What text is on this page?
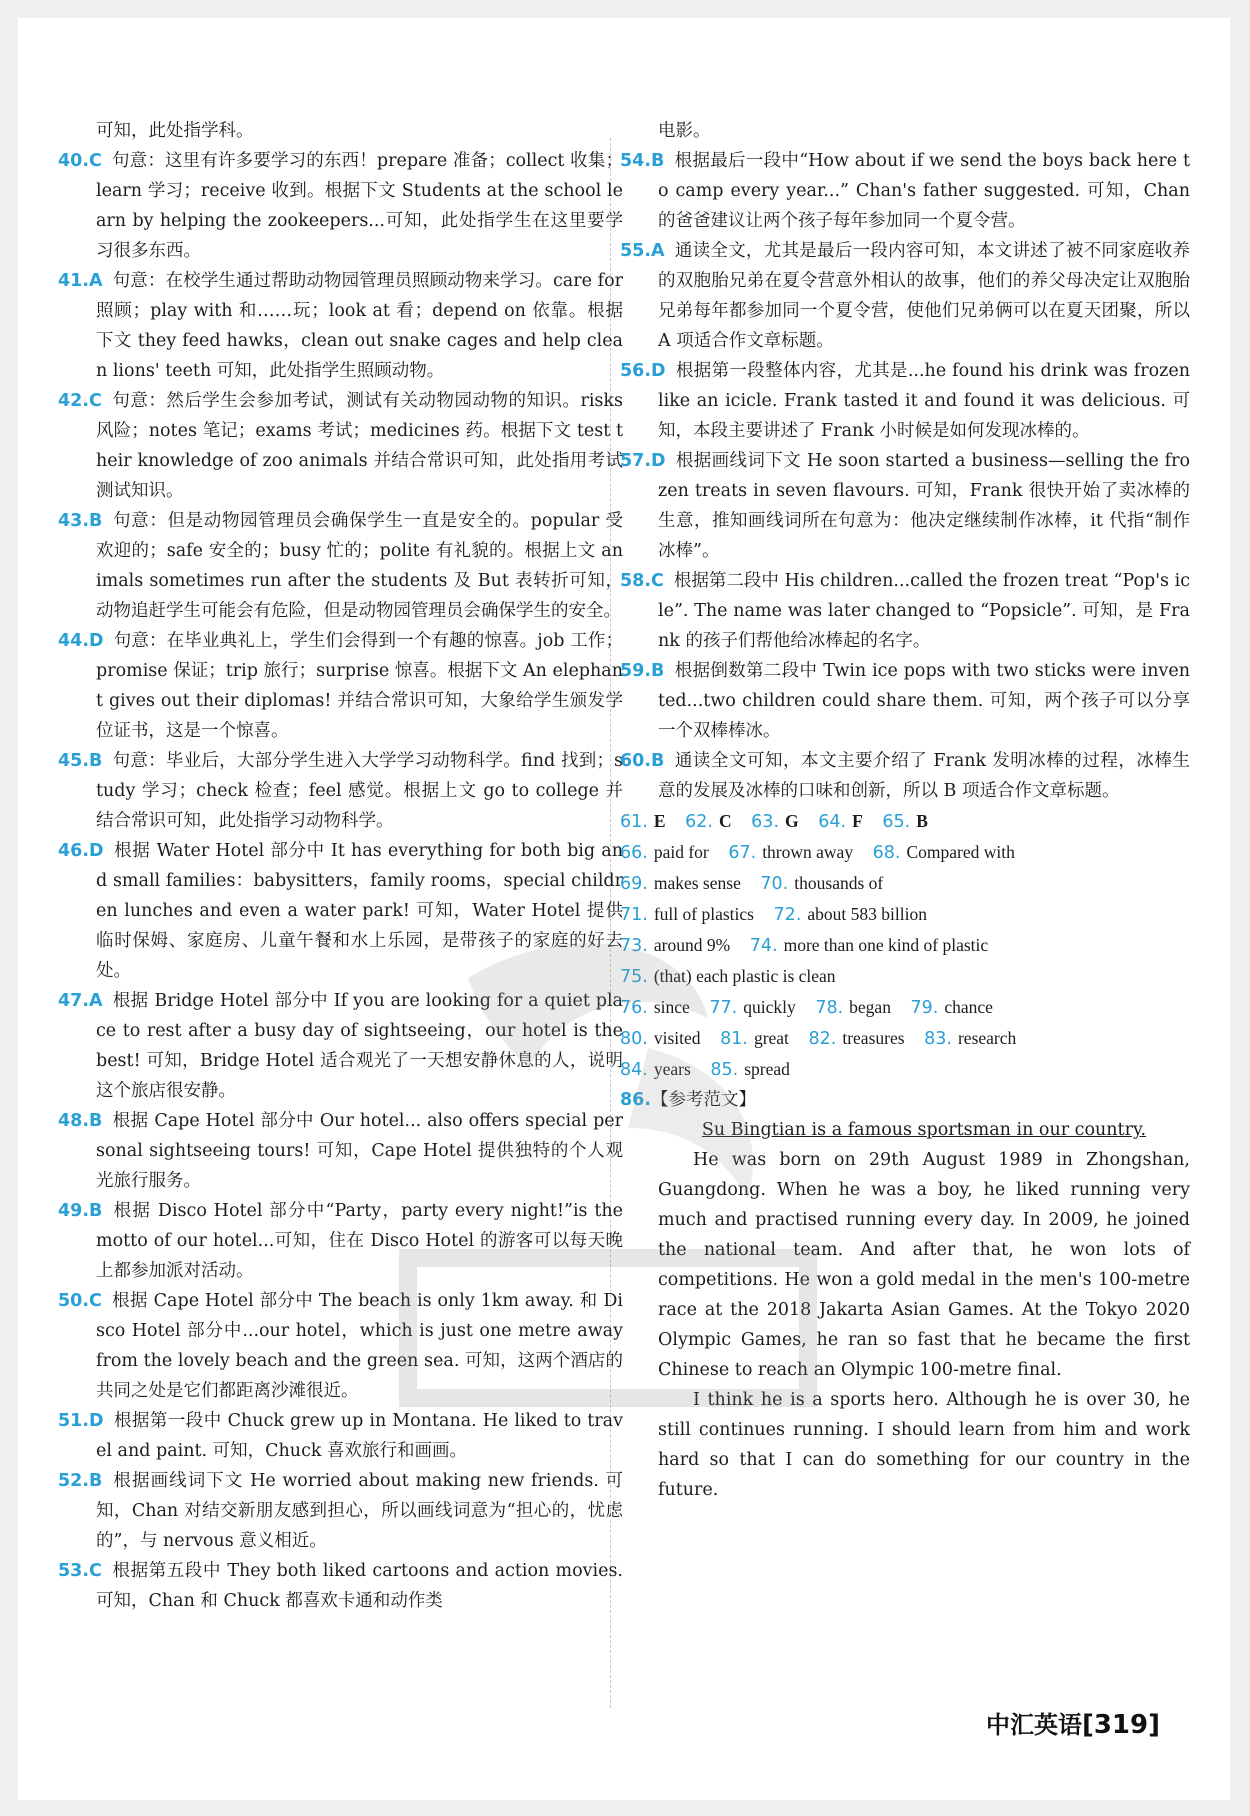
可知，此处指学科。

40.C 句意：这里有许多要学习的东西！prepare 准备；collect 收集；learn 学习；receive 收到。根据下文 Students at the school learn by helping the zookeepers...可知，此处指学生在这里要学习很多东西。

41.A 句意：在校学生通过帮助动物园管理员照顾动物来学习。care for 照顾；play with 和……玩；look at 看；depend on 依靠。根据下文 they feed hawks，clean out snake cages and help clean lions' teeth 可知，此处指学生照顾动物。

42.C 句意：然后学生会参加考试，测试有关动物园动物的知识。risks 风险；notes 笔记；exams 考试；medicines 药。根据下文 test their knowledge of zoo animals 并结合常识可知，此处指用考试测试知识。

43.B 句意：但是动物园管理员会确保学生一直是安全的。popular 受欢迎的；safe 安全的；busy 忙的；polite 有礼貌的。根据上文 animals sometimes run after the students 及 But 表转折可知，动物追赶学生可能会有危险，但是动物园管理员会确保学生的安全。

44.D 句意：在毕业典礼上，学生们会得到一个有趣的惊喜。job 工作；promise 保证；trip 旅行；surprise 惊喜。根据下文 An elephant gives out their diplomas! 并结合常识可知，大象给学生颁发学位证书，这是一个惊喜。

45.B 句意：毕业后，大部分学生进入大学学习动物科学。find 找到；study 学习；check 检查；feel 感觉。根据上文 go to college 并结合常识可知，此处指学习动物科学。

46.D 根据 Water Hotel 部分中 It has everything for both big and small families：babysitters，family rooms，special children lunches and even a water park! 可知，Water Hotel 提供临时保姆、家庭房、儿童午餐和水上乐园，是带孩子的家庭的好去处。

47.A 根据 Bridge Hotel 部分中 If you are looking for a quiet place to rest after a busy day of sightseeing，our hotel is the best! 可知，Bridge Hotel 适合观光了一天想安静休息的人，说明这个旅店很安静。

48.B 根据 Cape Hotel 部分中 Our hotel... also offers special personal sightseeing tours! 可知，Cape Hotel 提供独特的个人观光旅行服务。

49.B 根据 Disco Hotel 部分中“Party，party every night!”is the motto of our hotel...可知，住在 Disco Hotel 的游客可以每天晚上都参加派对活动。

50.C 根据 Cape Hotel 部分中 The beach is only 1km away. 和 Disco Hotel 部分中...our hotel，which is just one metre away from the lovely beach and the green sea. 可知，这两个酒店的共同之处是它们都距离沙滩很近。

51.D 根据第一段中 Chuck grew up in Montana. He liked to travel and paint. 可知，Chuck 喜欢旅行和画画。

52.B 根据画线词下文 He worried about making new friends. 可知，Chan 对结交新朋友感到担心，所以画线词意为“担心的，忧虑的”，与 nervous 意义相近。

53.C 根据第五段中 They both liked cartoons and action movies. 可知，Chan 和 Chuck 都喜欢卡通和动作类

电影。

54.B 根据最后一段中“How about if we send the boys back here to camp every year...” Chan's father suggested. 可知，Chan 的爸爸建议让两个孩子每年参加同一个夏令营。

55.A 通读全文，尤其是最后一段内容可知，本文讲述了被不同家庭收养的双胞胎兄弟在夏令营意外相认的故事，他们的养父母决定让双胞胎兄弟每年都参加同一个夏令营，使他们兄弟俩可以在夏天团聚，所以 A 项适合作文章标题。

56.D 根据第一段整体内容，尤其是...he found his drink was frozen like an icicle. Frank tasted it and found it was delicious. 可知，本段主要讲述了 Frank 小时候是如何发现冰棒的。

57.D 根据画线词下文 He soon started a business—selling the frozen treats in seven flavours. 可知，Frank 很快开始了卖冰棒的生意，推知画线词所在句意为：他决定继续制作冰棒，it 代指“制作冰棒”。

58.C 根据第二段中 His children...called the frozen treat “Pop's icle”. The name was later changed to “Popsicle”. 可知，是 Frank 的孩子们帮他给冰棒起的名字。

59.B 根据倒数第二段中 Twin ice pops with two sticks were invented...two children could share them. 可知，两个孩子可以分享一个双棒棒冰。

60.B 通读全文可知，本文主要介绍了 Frank 发明冰棒的过程，冰棒生意的发展及冰棒的口味和创新，所以 B 项适合作文章标题。

61. E 62. C 63. G 64. F 65. B

66. paid for 67. thrown away 68. Compared with

69. makes sense 70. thousands of

71. full of plastics 72. about 583 billion

73. around 9% 74. more than one kind of plastic

75. (that) each plastic is clean

76. since 77. quickly 78. began 79. chance

80. visited 81. great 82. treasures 83. research

84. years 85. spread

86.【参考范文】

Su Bingtian is a famous sportsman in our country.
He was born on 29th August 1989 in Zhongshan, Guangdong. When he was a boy, he liked running very much and practised running every day. In 2009, he joined the national team. And after that, he won lots of competitions. He won a gold medal in the men's 100-metre race at the 2018 Jakarta Asian Games. At the Tokyo 2020 Olympic Games, he ran so fast that he became the first Chinese to reach an Olympic 100-metre final.
I think he is a sports hero. Although he is over 30, he still continues running. I should learn from him and work hard so that I can do something for our country in the future.
中汇英语[319]
